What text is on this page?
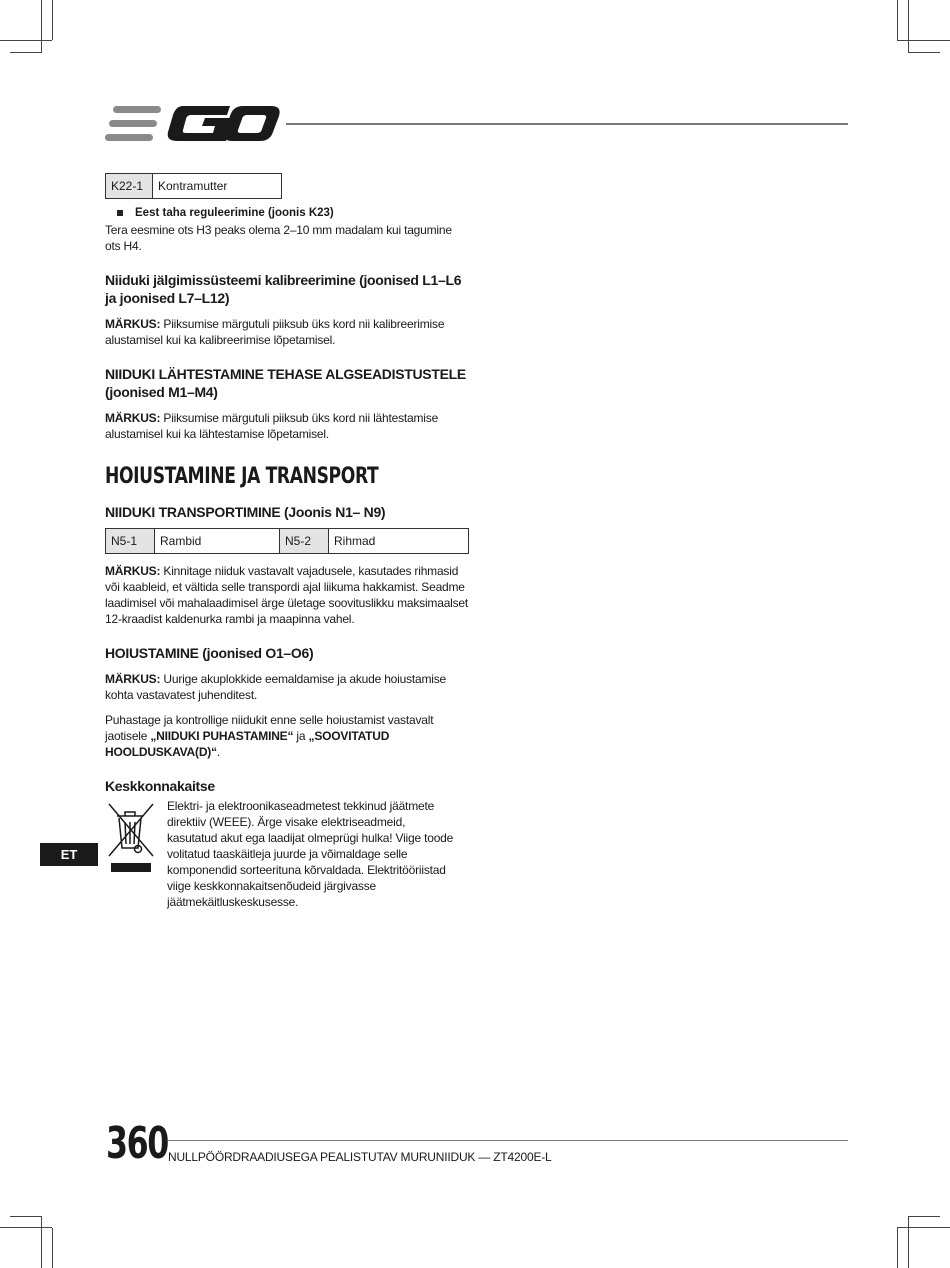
K22-1	Kontramutter
Eest taha reguleerimine (joonis K23)

Tera eesmine ots H3 peaks olema 2–10 mm madalam kui tagumine ots H4.

Niiduki jälgimissüsteemi kalibreerimine (joonised L1–L6 ja joonised L7–L12)

MÄRKUS: Piiksumise märgutuli piiksub üks kord nii kalibreerimise alustamisel kui ka kalibreerimise lõpetamisel.

NIIDUKI LÄHTESTAMINE TEHASE ALGSEADISTUSTELE (joonised M1–M4)

MÄRKUS: Piiksumise märgutuli piiksub üks kord nii lähtestamise alustamisel kui ka lähtestamise lõpetamisel.

HOIUSTAMINE JA TRANSPORT
NIIDUKI TRANSPORTIMINE (Joonis N1– N9)
N5-1	Rambid	N5-2	Rihmad

MÄRKUS: Kinnitage niiduk vastavalt vajadusele, kasutades rihmasid või kaableid, et vältida selle transpordi ajal liikuma hakkamist. Seadme laadimisel või mahalaadimisel ärge ületage soovituslikku maksimaalset 12-kraadist kaldenurka rambi ja maapinna vahel.

HOIUSTAMINE (joonised O1–O6)

MÄRKUS: Uurige akuplokkide eemaldamise ja akude hoiustamise kohta vastavatest juhenditest.

Puhastage ja kontrollige niidukit enne selle hoiustamist vastavalt jaotisele „NIIDUKI PUHASTAMINE“ ja „SOOVITATUD HOOLDUSKAVA(D)“.

Keskkonnakaitse
Elektri- ja elektroonikaseadmetest tekkinud jäätmete direktiiv (WEEE). Ärge visake elektriseadmeid, kasutatud akut ega laadijat olmeprügi hulka! Viige toode volitatud taaskäitleja juurde ja võimaldage selle komponendid sorteerituna kõrvaldada. Elektritööriistad viige keskkonnakaitsenõudeid järgivasse jäätmekäitluskeskusesse.
ET
360 NULLPÖÖRDRAADIUSEGA PEALISTUTAV MURUNIIDUK — ZT4200E-L
